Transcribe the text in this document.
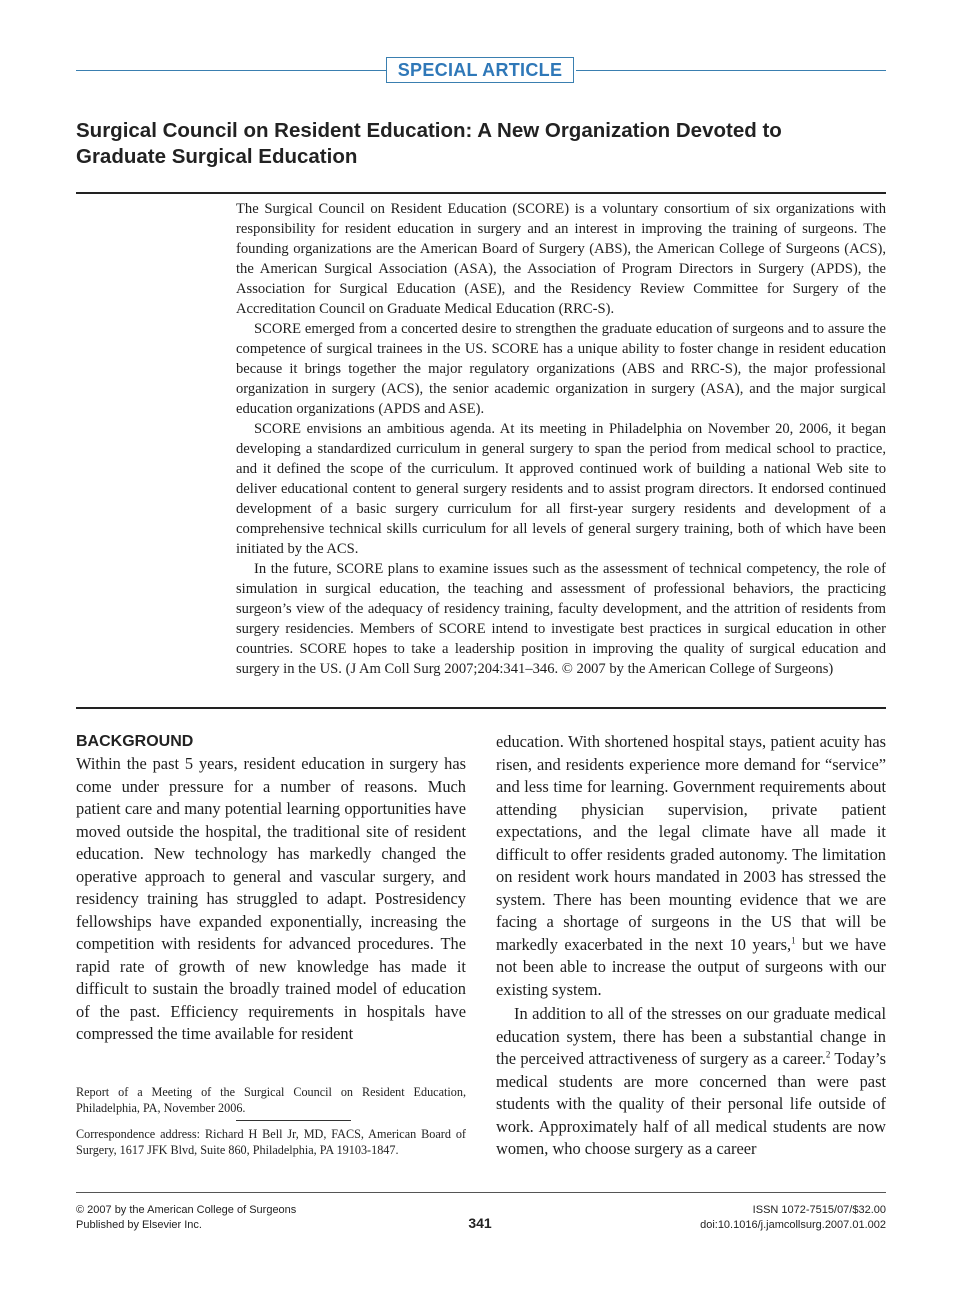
SPECIAL ARTICLE
Surgical Council on Resident Education: A New Organization Devoted to Graduate Surgical Education

The Surgical Council on Resident Education (SCORE) is a voluntary consortium of six organizations with responsibility for resident education in surgery and an interest in improving the training of surgeons. The founding organizations are the American Board of Surgery (ABS), the American College of Surgeons (ACS), the American Surgical Association (ASA), the Association of Program Directors in Surgery (APDS), the Association for Surgical Education (ASE), and the Residency Review Committee for Surgery of the Accreditation Council on Graduate Medical Education (RRC-S).

SCORE emerged from a concerted desire to strengthen the graduate education of surgeons and to assure the competence of surgical trainees in the US. SCORE has a unique ability to foster change in resident education because it brings together the major regulatory organizations (ABS and RRC-S), the major professional organization in surgery (ACS), the senior academic organization in surgery (ASA), and the major surgical education organizations (APDS and ASE).

SCORE envisions an ambitious agenda. At its meeting in Philadelphia on November 20, 2006, it began developing a standardized curriculum in general surgery to span the period from medical school to practice, and it defined the scope of the curriculum. It approved continued work of building a national Web site to deliver educational content to general surgery residents and to assist program directors. It endorsed continued development of a basic surgery curriculum for all first-year surgery residents and development of a comprehensive technical skills curriculum for all levels of general surgery training, both of which have been initiated by the ACS.

In the future, SCORE plans to examine issues such as the assessment of technical competency, the role of simulation in surgical education, the teaching and assessment of professional behaviors, the practicing surgeon’s view of the adequacy of residency training, faculty development, and the attrition of residents from surgery residencies. Members of SCORE intend to investigate best practices in surgical education in other countries. SCORE hopes to take a leadership position in improving the quality of surgical education and surgery in the US. (J Am Coll Surg 2007;204:341–346. © 2007 by the American College of Surgeons)

BACKGROUND

Within the past 5 years, resident education in surgery has come under pressure for a number of reasons. Much patient care and many potential learning opportunities have moved outside the hospital, the traditional site of resident education. New technology has markedly changed the operative approach to general and vascular surgery, and residency training has struggled to adapt. Postresidency fellowships have expanded exponentially, increasing the competition with residents for advanced procedures. The rapid rate of growth of new knowledge has made it difficult to sustain the broadly trained model of education of the past. Efficiency requirements in hospitals have compressed the time available for resident

education. With shortened hospital stays, patient acuity has risen, and residents experience more demand for “service” and less time for learning. Government requirements about attending physician supervision, private patient expectations, and the legal climate have all made it difficult to offer residents graded autonomy. The limitation on resident work hours mandated in 2003 has stressed the system. There has been mounting evidence that we are facing a shortage of surgeons in the US that will be markedly exacerbated in the next 10 years,$^1$ but we have not been able to increase the output of surgeons with our existing system.

In addition to all of the stresses on our graduate medical education system, there has been a substantial change in the perceived attractiveness of surgery as a career.$^2$ Today’s medical students are more concerned than were past students with the quality of their personal life outside of work. Approximately half of all medical students are now women, who choose surgery as a career

Report of a Meeting of the Surgical Council on Resident Education, Philadelphia, PA, November 2006.
Correspondence address: Richard H Bell Jr, MD, FACS, American Board of Surgery, 1617 JFK Blvd, Suite 860, Philadelphia, PA 19103-1847.
© 2007 by the American College of Surgeons
Published by Elsevier Inc.	341
ISSN 1072-7515/07/$32.00
doi:10.1016/j.jamcollsurg.2007.01.002
